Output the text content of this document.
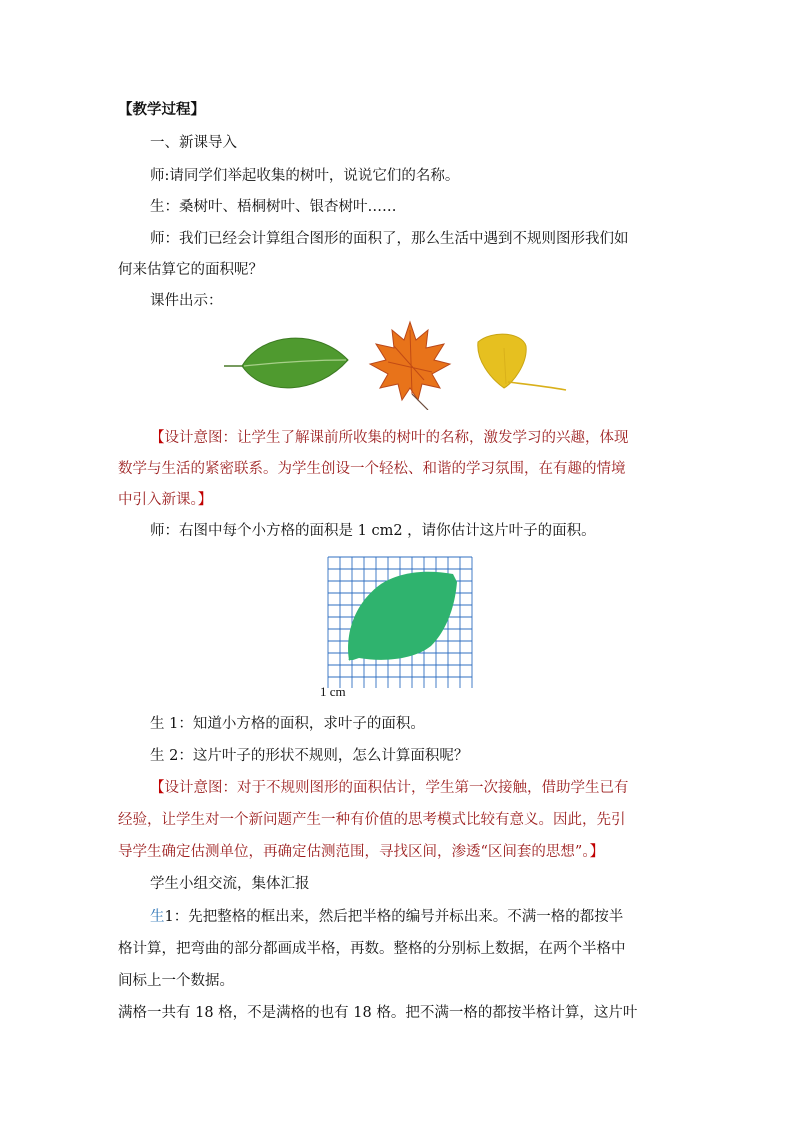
【教学过程】
一、新课导入
师:请同学们举起收集的树叶，说说它们的名称。
生：桑树叶、梧桐树叶、银杏树叶……
师：我们已经会计算组合图形的面积了，那么生活中遇到不规则图形我们如
何来估算它的面积呢？
课件出示：
【设计意图：让学生了解课前所收集的树叶的名称，激发学习的兴趣，体现
数学与生活的紧密联系。为学生创设一个轻松、和谐的学习氛围，在有趣的情境
中引入新课。】
师：右图中每个小方格的面积是 1 cm2 ，请你估计这片叶子的面积。
1 cm
生 1：知道小方格的面积，求叶子的面积。
生 2：这片叶子的形状不规则，怎么计算面积呢？
【设计意图：对于不规则图形的面积估计，学生第一次接触，借助学生已有
经验，让学生对一个新问题产生一种有价值的思考模式比较有意义。因此，先引
导学生确定估测单位，再确定估测范围，寻找区间，渗透“区间套的思想”。】
学生小组交流，集体汇报
生1：先把整格的框出来，然后把半格的编号并标出来。不满一格的都按半
格计算，把弯曲的部分都画成半格，再数。整格的分别标上数据，在两个半格中
间标上一个数据。
满格一共有 18 格，不是满格的也有 18 格。把不满一格的都按半格计算，这片叶
